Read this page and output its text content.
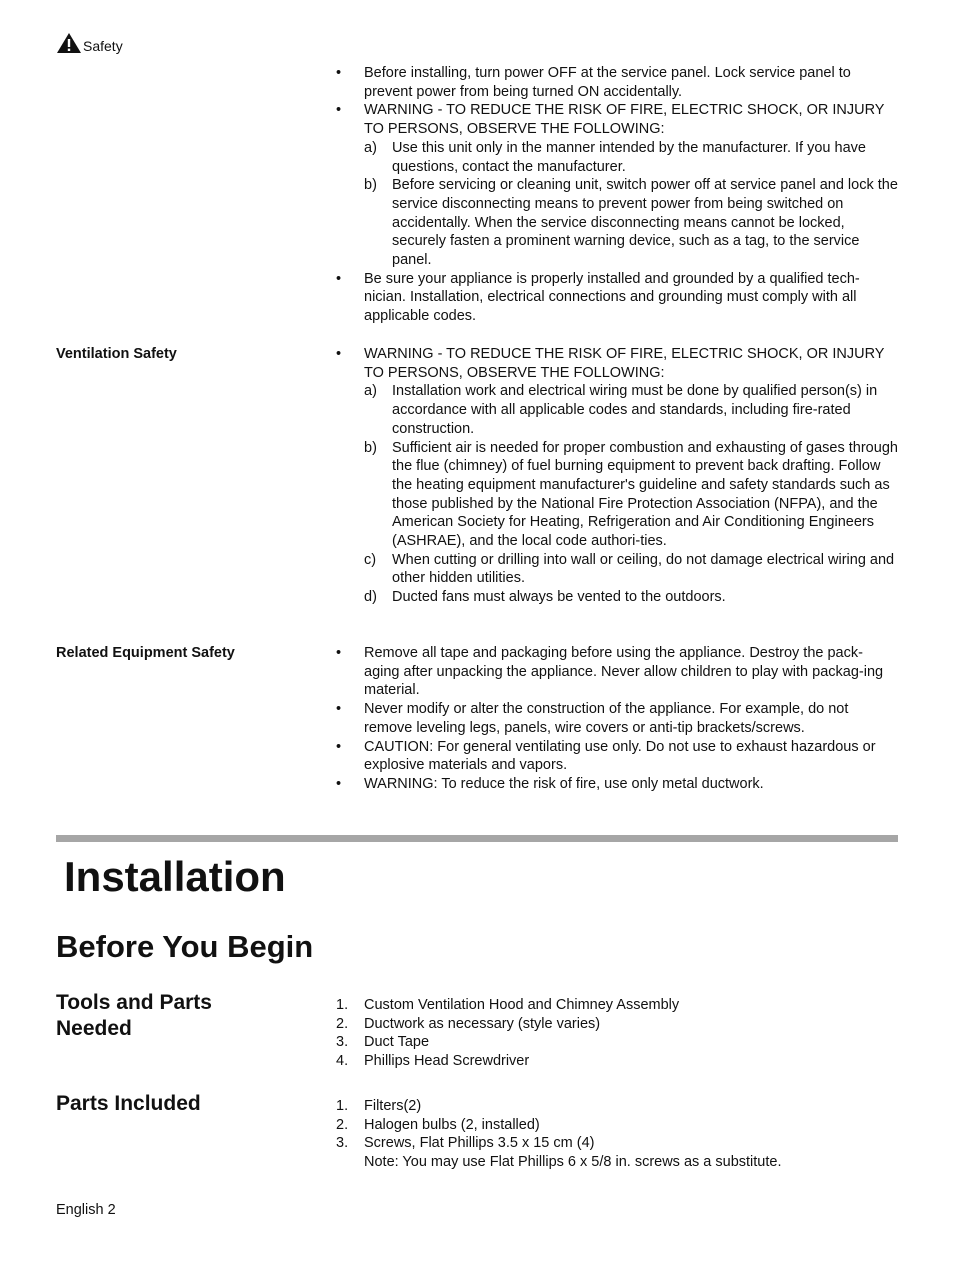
Safety
•	Before installing, turn power OFF at the service panel. Lock service panel to prevent power from being turned ON accidentally.
•	WARNING - TO REDUCE THE RISK OF FIRE, ELECTRIC SHOCK, OR INJURY TO PERSONS, OBSERVE THE FOLLOWING:
a)	Use this unit only in the manner intended by the manufacturer. If you have questions, contact the manufacturer.
b)	Before servicing or cleaning unit, switch power off at service panel and lock the service disconnecting means to prevent power from being switched on accidentally. When the service disconnecting means cannot be locked, securely fasten a prominent warning device, such as a tag, to the service panel.
•	Be sure your appliance is properly installed and grounded by a qualified tech-nician. Installation, electrical connections and grounding must comply with all applicable codes.
Ventilation Safety	•	WARNING - TO REDUCE THE RISK OF FIRE, ELECTRIC SHOCK, OR INJURY TO PERSONS, OBSERVE THE FOLLOWING:
a)	Installation work and electrical wiring must be done by qualified person(s) in accordance with all applicable codes and standards, including fire-rated construction.
b)	Sufficient air is needed for proper combustion and exhausting of gases through the flue (chimney) of fuel burning equipment to prevent back drafting. Follow the heating equipment manufacturer's guideline and safety standards such as those published by the National Fire Protection Association (NFPA), and the American Society for Heating, Refrigeration and Air Conditioning Engineers (ASHRAE), and the local code authori-ties.
c)	When cutting or drilling into wall or ceiling, do not damage electrical wiring and other hidden utilities.
d)	Ducted fans must always be vented to the outdoors.
Related Equipment Safety	•	Remove all tape and packaging before using the appliance. Destroy the pack-aging after unpacking the appliance. Never allow children to play with packag-ing material.
•	Never modify or alter the construction of the appliance. For example, do not remove leveling legs, panels, wire covers or anti-tip brackets/screws.
•	CAUTION: For general ventilating use only. Do not use to exhaust hazardous or explosive materials and vapors.
•	WARNING: To reduce the risk of fire, use only metal ductwork.
Installation
Before You Begin
Tools and Parts
Needed
1.	Custom Ventilation Hood and Chimney Assembly
2.	Ductwork as necessary (style varies)
3.	Duct Tape
4.	Phillips Head Screwdriver
Parts Included	1.	Filters(2)
2.	Halogen bulbs (2, installed)
3.	Screws, Flat Phillips 3.5 x 15 cm (4)
Note: You may use Flat Phillips 6 x 5/8 in. screws as a substitute.
English 2
